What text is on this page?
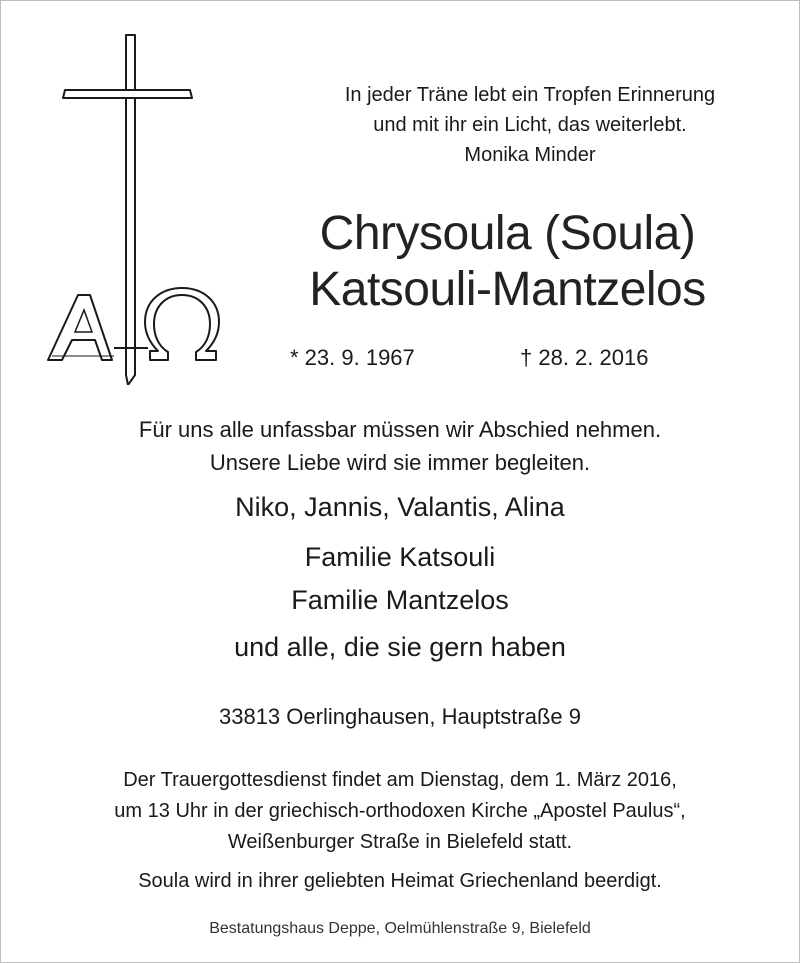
In jeder Träne lebt ein Tropfen Erinnerung
und mit ihr ein Licht, das weiterlebt.
Monika Minder
Chrysoula (Soula)
Katsouli-Mantzelos
* 23. 9. 1967	† 28. 2. 2016
Für uns alle unfassbar müssen wir Abschied nehmen.
Unsere Liebe wird sie immer begleiten.
Niko, Jannis, Valantis, Alina
Familie Katsouli
Familie Mantzelos
und alle, die sie gern haben
33813 Oerlinghausen, Hauptstraße 9
Der Trauergottesdienst findet am Dienstag, dem 1. März 2016,
um 13 Uhr in der griechisch-orthodoxen Kirche „Apostel Paulus“,
Weißenburger Straße in Bielefeld statt.
Soula wird in ihrer geliebten Heimat Griechenland beerdigt.
Bestatungshaus Deppe, Oelmühlenstraße 9, Bielefeld
